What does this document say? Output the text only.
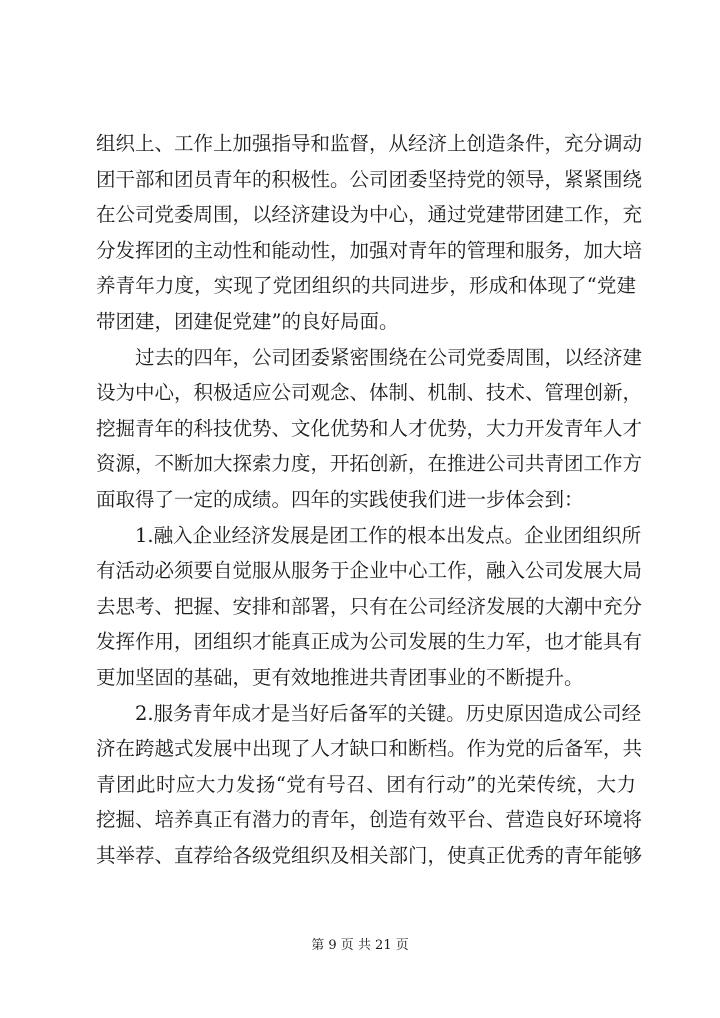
组织上、工作上加强指导和监督，从经济上创造条件，充分调动
团干部和团员青年的积极性。公司团委坚持党的领导，紧紧围绕
在公司党委周围，以经济建设为中心，通过党建带团建工作，充
分发挥团的主动性和能动性，加强对青年的管理和服务，加大培
养青年力度，实现了党团组织的共同进步，形成和体现了“党建
带团建，团建促党建”的良好局面。
过去的四年，公司团委紧密围绕在公司党委周围，以经济建
设为中心，积极适应公司观念、体制、机制、技术、管理创新，
挖掘青年的科技优势、文化优势和人才优势，大力开发青年人才
资源，不断加大探索力度，开拓创新，在推进公司共青团工作方
面取得了一定的成绩。四年的实践使我们进一步体会到：
1.融入企业经济发展是团工作的根本出发点。企业团组织所
有活动必须要自觉服从服务于企业中心工作，融入公司发展大局
去思考、把握、安排和部署，只有在公司经济发展的大潮中充分
发挥作用，团组织才能真正成为公司发展的生力军，也才能具有
更加坚固的基础，更有效地推进共青团事业的不断提升。
2.服务青年成才是当好后备军的关键。历史原因造成公司经
济在跨越式发展中出现了人才缺口和断档。作为党的后备军，共
青团此时应大力发扬“党有号召、团有行动”的光荣传统，大力
挖掘、培养真正有潜力的青年，创造有效平台、营造良好环境将
其举荐、直荐给各级党组织及相关部门，使真正优秀的青年能够
第 9 页 共 21 页
